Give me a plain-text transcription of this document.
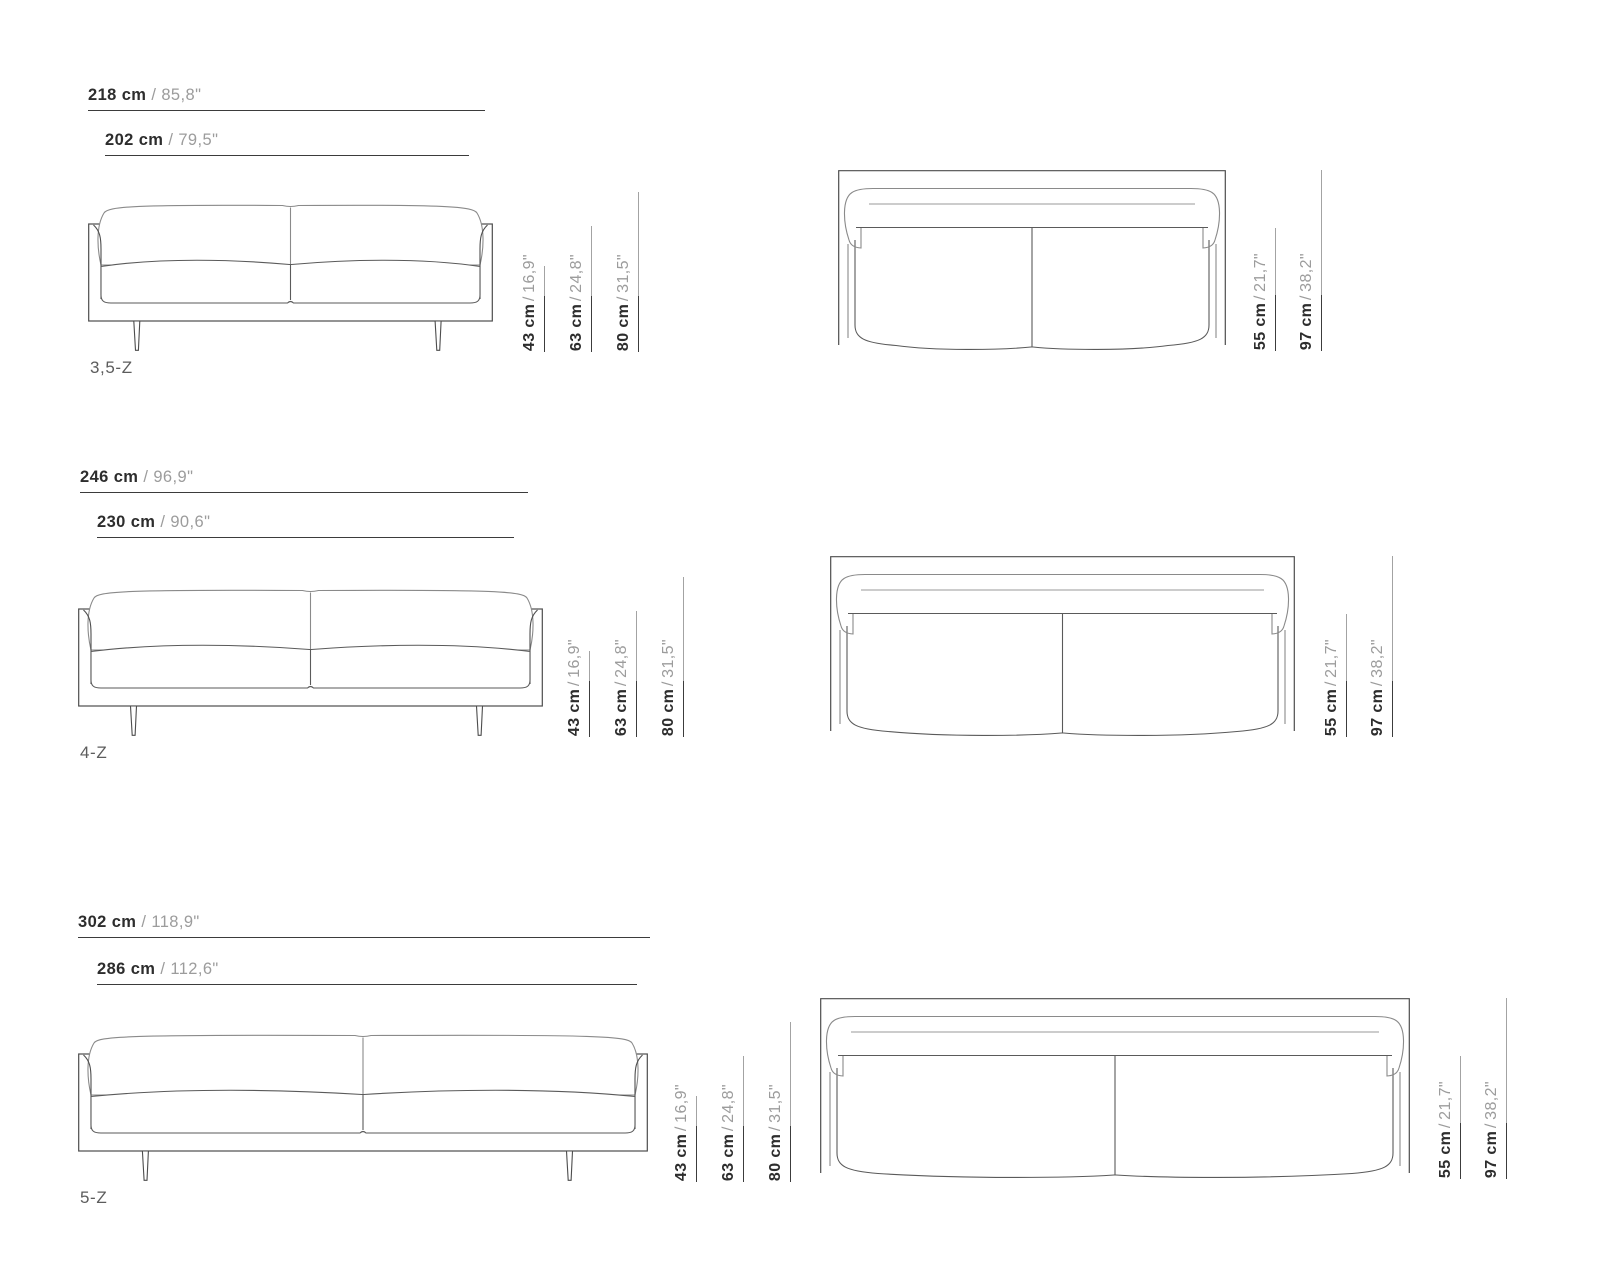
218 cm / 85,8"
202 cm / 79,5"
3,5-Z
43 cm/16,9"
63 cm/24,8"
80 cm/31,5"
55 cm/21,7"
97 cm/38,2"
246 cm / 96,9"
230 cm / 90,6"
4-Z
43 cm/16,9"
63 cm/24,8"
80 cm/31,5"
55 cm/21,7"
97 cm/38,2"
302 cm / 118,9"
286 cm / 112,6"
5-Z
43 cm/16,9"
63 cm/24,8"
80 cm/31,5"
55 cm/21,7"
97 cm/38,2"
